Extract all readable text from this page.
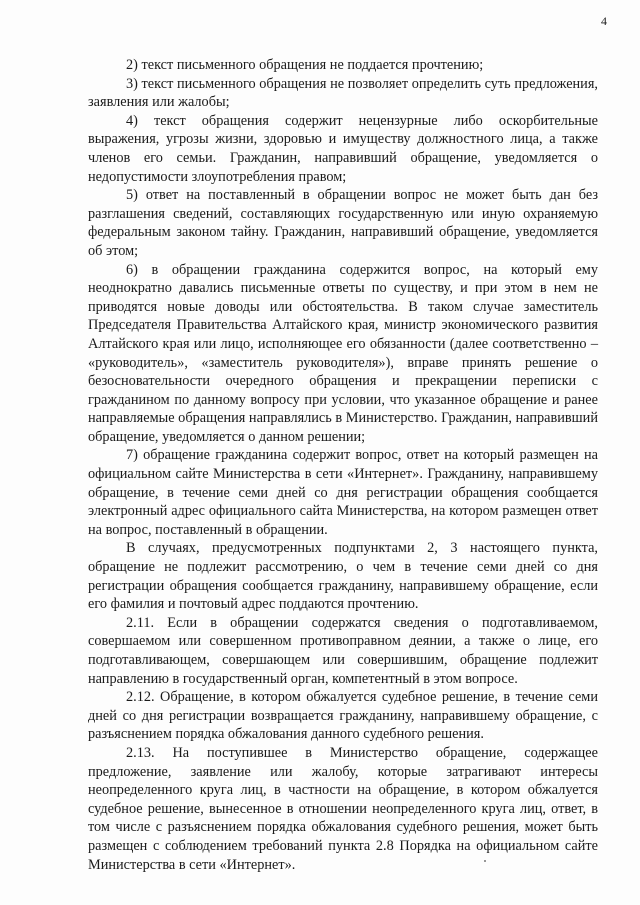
4

2) текст письменного обращения не поддается прочтению;

3) текст письменного обращения не позволяет определить суть предложения, заявления или жалобы;

4) текст обращения содержит нецензурные либо оскорбительные выражения, угрозы жизни, здоровью и имуществу должностного лица, а также членов его семьи. Гражданин, направивший обращение, уведомляется о недопустимости злоупотребления правом;

5) ответ на поставленный в обращении вопрос не может быть дан без разглашения сведений, составляющих государственную или иную охраняемую федеральным законом тайну. Гражданин, направивший обращение, уведомляется об этом;

6) в обращении гражданина содержится вопрос, на который ему неоднократно давались письменные ответы по существу, и при этом в нем не приводятся новые доводы или обстоятельства. В таком случае заместитель Председателя Правительства Алтайского края, министр экономического развития Алтайского края или лицо, исполняющее его обязанности (далее соответственно – «руководитель», «заместитель руководителя»), вправе принять решение о безосновательности очередного обращения и прекращении переписки с гражданином по данному вопросу при условии, что указанное обращение и ранее направляемые обращения направлялись в Министерство. Гражданин, направивший обращение, уведомляется о данном решении;

7) обращение гражданина содержит вопрос, ответ на который размещен на официальном сайте Министерства в сети «Интернет». Гражданину, направившему обращение, в течение семи дней со дня регистрации обращения сообщается электронный адрес официального сайта Министерства, на котором размещен ответ на вопрос, поставленный в обращении.

В случаях, предусмотренных подпунктами 2, 3 настоящего пункта, обращение не подлежит рассмотрению, о чем в течение семи дней со дня регистрации обращения сообщается гражданину, направившему обращение, если его фамилия и почтовый адрес поддаются прочтению.

2.11. Если в обращении содержатся сведения о подготавливаемом, совершаемом или совершенном противоправном деянии, а также о лице, его подготавливающем, совершающем или совершившим, обращение подлежит направлению в государственный орган, компетентный в этом вопросе.

2.12. Обращение, в котором обжалуется судебное решение, в течение семи дней со дня регистрации возвращается гражданину, направившему обращение, с разъяснением порядка обжалования данного судебного решения.

2.13. На поступившее в Министерство обращение, содержащее предложение, заявление или жалобу, которые затрагивают интересы неопределенного круга лиц, в частности на обращение, в котором обжалуется судебное решение, вынесенное в отношении неопределенного круга лиц, ответ, в том числе с разъяснением порядка обжалования судебного решения, может быть размещен с соблюдением требований пункта 2.8 Порядка на официальном сайте Министерства в сети «Интернет».
